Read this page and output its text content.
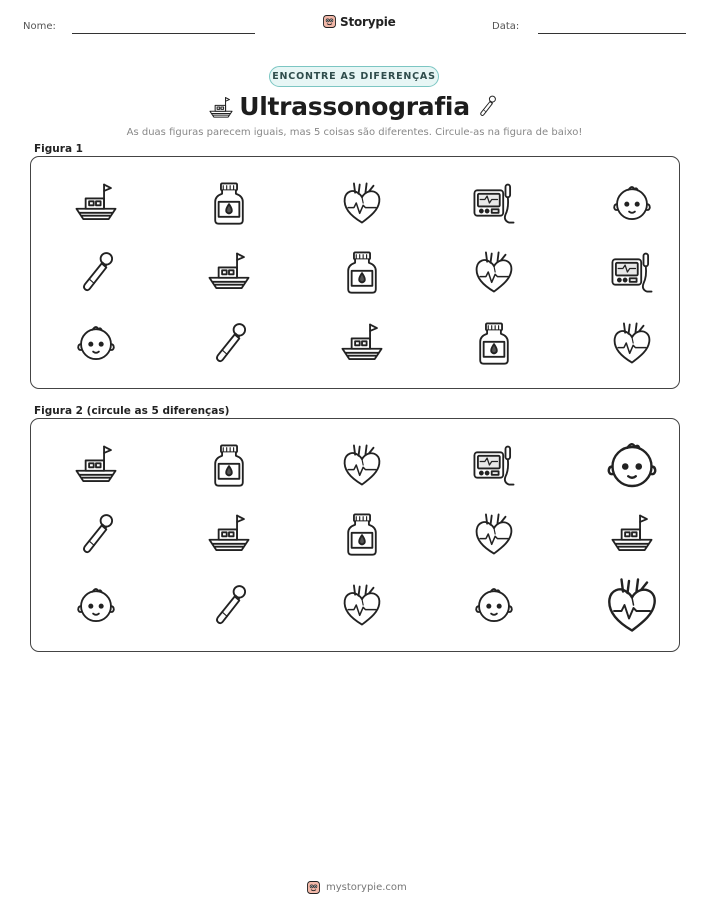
Nome:	Storypie	Data:
ENCONTRE AS DIFERENÇAS
Ultrassonografia
As duas figuras parecem iguais, mas 5 coisas são diferentes. Circule-as na figura de baixo!
Figura 1
Figura 2 (circule as 5 diferenças)
mystorypie.com
